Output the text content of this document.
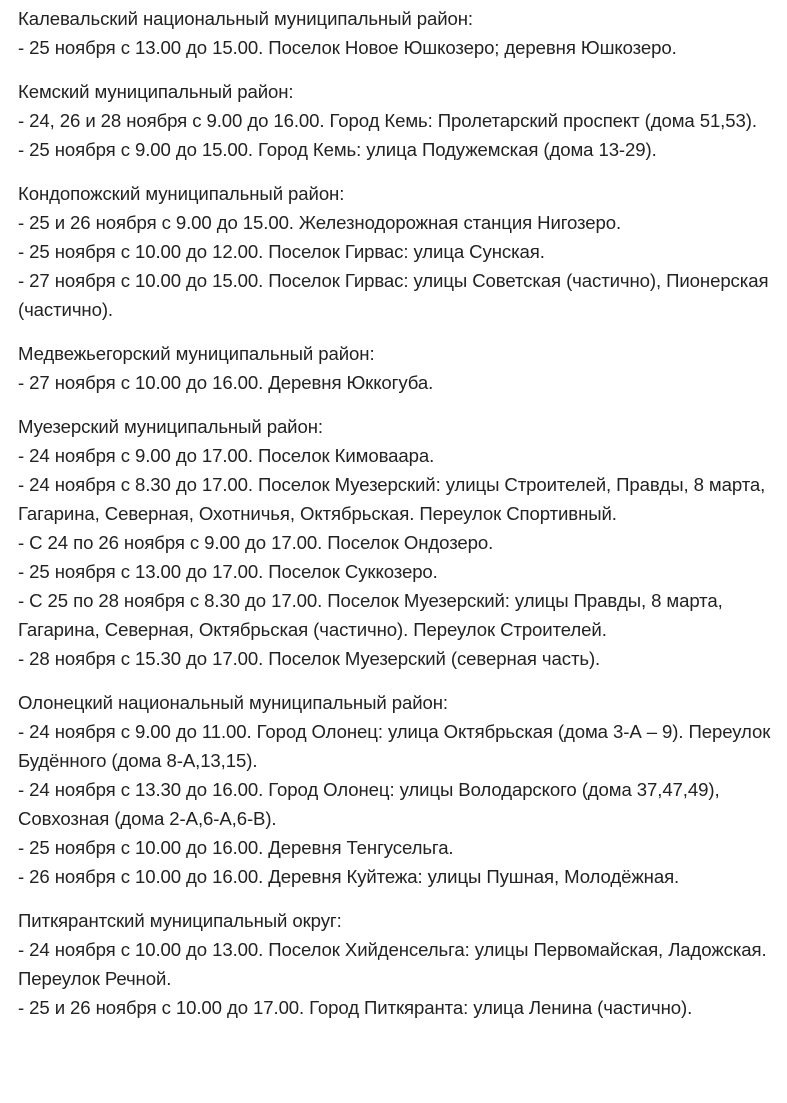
Калевальский национальный муниципальный район:
- 25 ноября с 13.00 до 15.00. Поселок Новое Юшкозеро; деревня Юшкозеро.
Кемский муниципальный район:
- 24, 26 и 28 ноября с 9.00 до 16.00. Город Кемь: Пролетарский проспект (дома 51,53).
- 25 ноября с 9.00 до 15.00. Город Кемь: улица Подужемская (дома 13-29).
Кондопожский муниципальный район:
- 25 и 26 ноября с 9.00 до 15.00. Железнодорожная станция Нигозеро.
- 25 ноября с 10.00 до 12.00. Поселок Гирвас: улица Сунская.
- 27 ноября с 10.00 до 15.00. Поселок Гирвас: улицы Советская (частично), Пионерская (частично).
Медвежьегорский муниципальный район:
- 27 ноября с 10.00 до 16.00. Деревня Юккогуба.
Муезерский муниципальный район:
- 24 ноября с 9.00 до 17.00. Поселок Кимоваара.
- 24 ноября с 8.30 до 17.00. Поселок Муезерский: улицы Строителей, Правды, 8 марта, Гагарина, Северная, Охотничья, Октябрьская. Переулок Спортивный.
- С 24 по 26 ноября с 9.00 до 17.00. Поселок Ондозеро.
- 25 ноября с 13.00 до 17.00. Поселок Суккозеро.
- С 25 по 28 ноября с 8.30 до 17.00. Поселок Муезерский: улицы Правды, 8 марта, Гагарина, Северная, Октябрьская (частично). Переулок Строителей.
- 28 ноября с 15.30 до 17.00. Поселок Муезерский (северная часть).
Олонецкий национальный муниципальный район:
- 24 ноября с 9.00 до 11.00. Город Олонец: улица Октябрьская (дома 3-А – 9). Переулок Будённого (дома 8-А,13,15).
- 24 ноября с 13.30 до 16.00. Город Олонец: улицы Володарского (дома 37,47,49), Совхозная (дома 2-А,6-А,6-В).
- 25 ноября с 10.00 до 16.00. Деревня Тенгусельга.
- 26 ноября с 10.00 до 16.00. Деревня Куйтежа: улицы Пушная, Молодёжная.
Питкярантский муниципальный округ:
- 24 ноября с 10.00 до 13.00. Поселок Хийденсельга: улицы Первомайская, Ладожская. Переулок Речной.
- 25 и 26 ноября с 10.00 до 17.00. Город Питкяранта: улица Ленина (частично).
